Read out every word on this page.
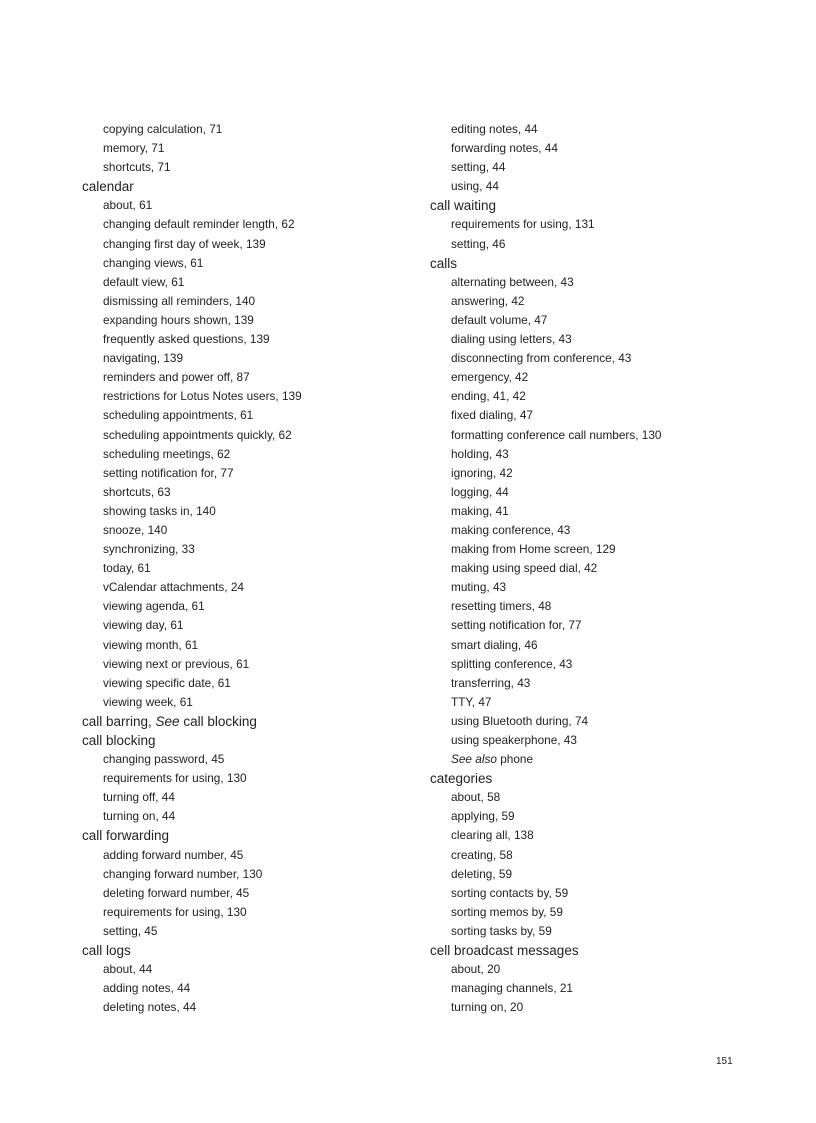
copying calculation, 71
memory, 71
shortcuts, 71
calendar
about, 61
changing default reminder length, 62
changing first day of week, 139
changing views, 61
default view, 61
dismissing all reminders, 140
expanding hours shown, 139
frequently asked questions, 139
navigating, 139
reminders and power off, 87
restrictions for Lotus Notes users, 139
scheduling appointments, 61
scheduling appointments quickly, 62
scheduling meetings, 62
setting notification for, 77
shortcuts, 63
showing tasks in, 140
snooze, 140
synchronizing, 33
today, 61
vCalendar attachments, 24
viewing agenda, 61
viewing day, 61
viewing month, 61
viewing next or previous, 61
viewing specific date, 61
viewing week, 61
call barring, See call blocking
call blocking
changing password, 45
requirements for using, 130
turning off, 44
turning on, 44
call forwarding
adding forward number, 45
changing forward number, 130
deleting forward number, 45
requirements for using, 130
setting, 45
call logs
about, 44
adding notes, 44
deleting notes, 44
editing notes, 44
forwarding notes, 44
setting, 44
using, 44
call waiting
requirements for using, 131
setting, 46
calls
alternating between, 43
answering, 42
default volume, 47
dialing using letters, 43
disconnecting from conference, 43
emergency, 42
ending, 41, 42
fixed dialing, 47
formatting conference call numbers, 130
holding, 43
ignoring, 42
logging, 44
making, 41
making conference, 43
making from Home screen, 129
making using speed dial, 42
muting, 43
resetting timers, 48
setting notification for, 77
smart dialing, 46
splitting conference, 43
transferring, 43
TTY, 47
using Bluetooth during, 74
using speakerphone, 43
See also phone
categories
about, 58
applying, 59
clearing all, 138
creating, 58
deleting, 59
sorting contacts by, 59
sorting memos by, 59
sorting tasks by, 59
cell broadcast messages
about, 20
managing channels, 21
turning on, 20
151
